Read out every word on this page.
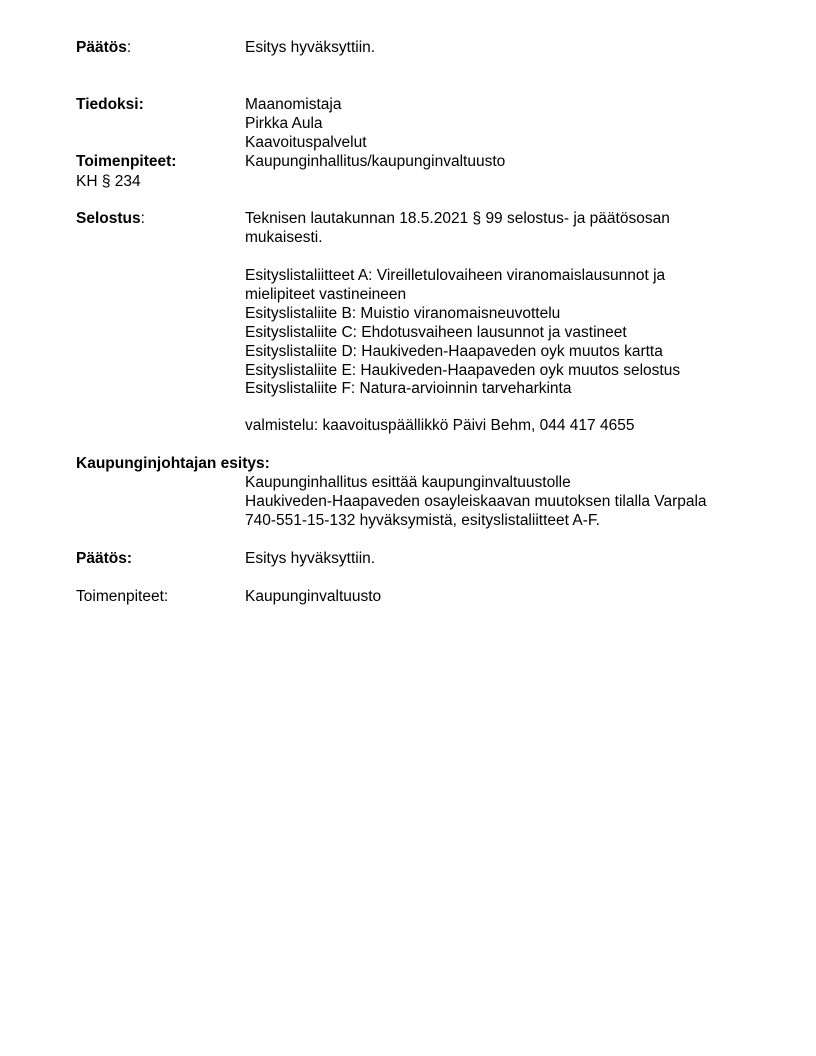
Päätös:	Esitys hyväksyttiin.
Tiedoksi:	Maanomistaja
Pirkka Aula
Kaavoituspalvelut
Toimenpiteet:	Kaupunginhallitus/kaupunginvaltuusto
KH § 234
Selostus:	Teknisen lautakunnan 18.5.2021 § 99 selostus- ja päätösosan
mukaisesti.
Esityslistaliitteet A: Vireilletulovaiheen viranomaislausunnot ja
mielipiteet vastineineen
Esityslistaliite B: Muistio viranomaisneuvottelu
Esityslistaliite C: Ehdotusvaiheen lausunnot ja vastineet
Esityslistaliite D: Haukiveden-Haapaveden oyk muutos kartta
Esityslistaliite E: Haukiveden-Haapaveden oyk muutos selostus
Esityslistaliite F: Natura-arvioinnin tarveharkinta
valmistelu: kaavoituspäällikkö Päivi Behm, 044 417 4655
Kaupunginjohtajan esitys:
Kaupunginhallitus esittää kaupunginvaltuustolle
Haukiveden-Haapaveden osayleiskaavan muutoksen tilalla Varpala
740-551-15-132 hyväksymistä, esityslistaliitteet A-F.
Päätös:	Esitys hyväksyttiin.
Toimenpiteet:	Kaupunginvaltuusto
